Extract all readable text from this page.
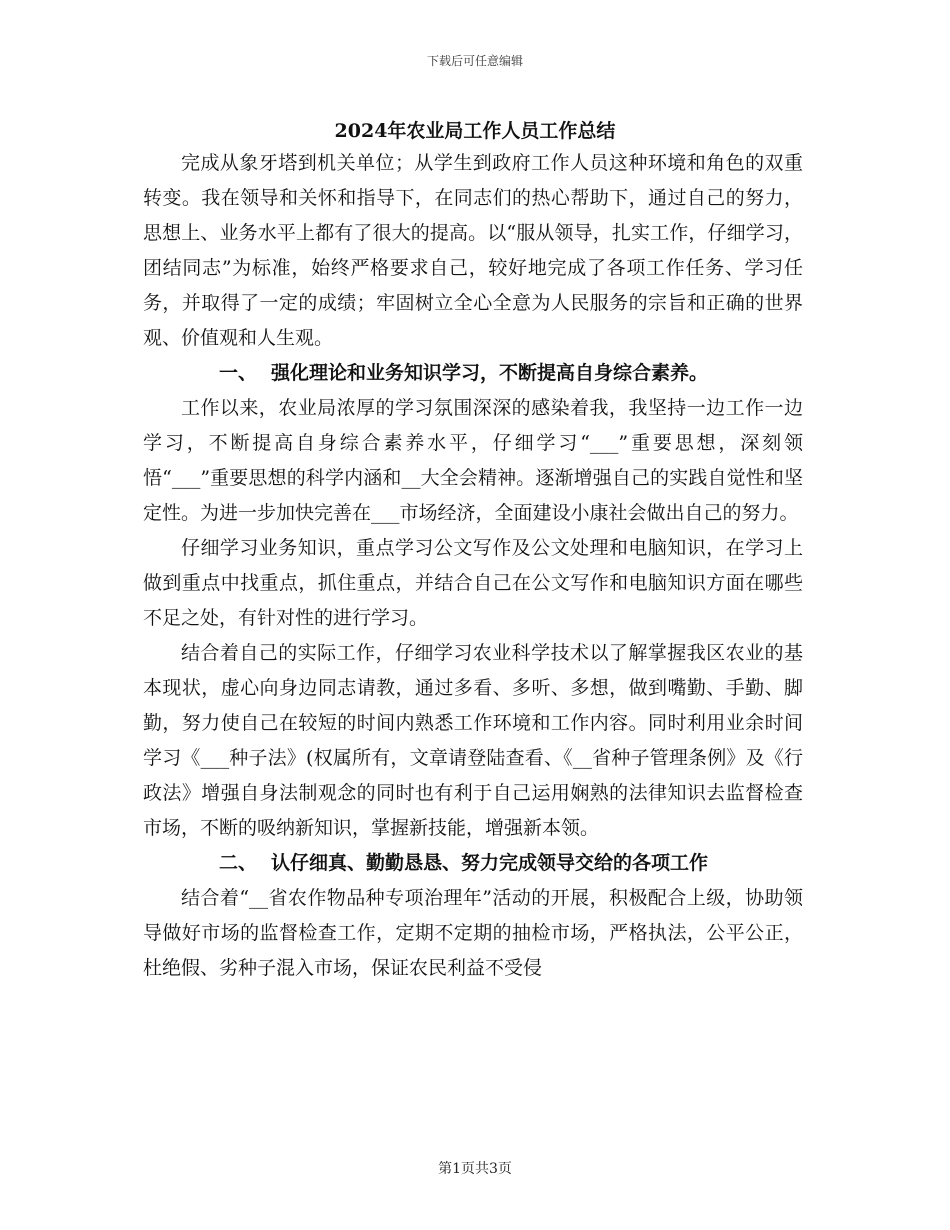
下载后可任意编辑
2024年农业局工作人员工作总结

完成从象牙塔到机关单位；从学生到政府工作人员这种环境和角色的双重转变。我在领导和关怀和指导下，在同志们的热心帮助下，通过自己的努力，思想上、业务水平上都有了很大的提高。以“服从领导，扎实工作，仔细学习，团结同志”为标准，始终严格要求自己，较好地完成了各项工作任务、学习任务，并取得了一定的成绩；牢固树立全心全意为人民服务的宗旨和正确的世界观、价值观和人生观。

一、 强化理论和业务知识学习，不断提高自身综合素养。

工作以来，农业局浓厚的学习氛围深深的感染着我，我坚持一边工作一边学习，不断提高自身综合素养水平，仔细学习“___”重要思想，深刻领悟“___”重要思想的科学内涵和__大全会精神。逐渐增强自己的实践自觉性和坚定性。为进一步加快完善在___市场经济，全面建设小康社会做出自己的努力。

仔细学习业务知识，重点学习公文写作及公文处理和电脑知识，在学习上做到重点中找重点，抓住重点，并结合自己在公文写作和电脑知识方面在哪些不足之处，有针对性的进行学习。

结合着自己的实际工作，仔细学习农业科学技术以了解掌握我区农业的基本现状，虚心向身边同志请教，通过多看、多听、多想，做到嘴勤、手勤、脚勤，努力使自己在较短的时间内熟悉工作环境和工作内容。同时利用业余时间学习《___种子法》(权属所有，文章请登陆查看、《__省种子管理条例》及《行政法》增强自身法制观念的同时也有利于自己运用娴熟的法律知识去监督检查市场，不断的吸纳新知识，掌握新技能，增强新本领。

二、 认仔细真、勤勤恳恳、努力完成领导交给的各项工作

结合着“__省农作物品种专项治理年”活动的开展，积极配合上级，协助领导做好市场的监督检查工作，定期不定期的抽检市场，严格执法，公平公正，杜绝假、劣种子混入市场，保证农民利益不受侵

第1页共3页
